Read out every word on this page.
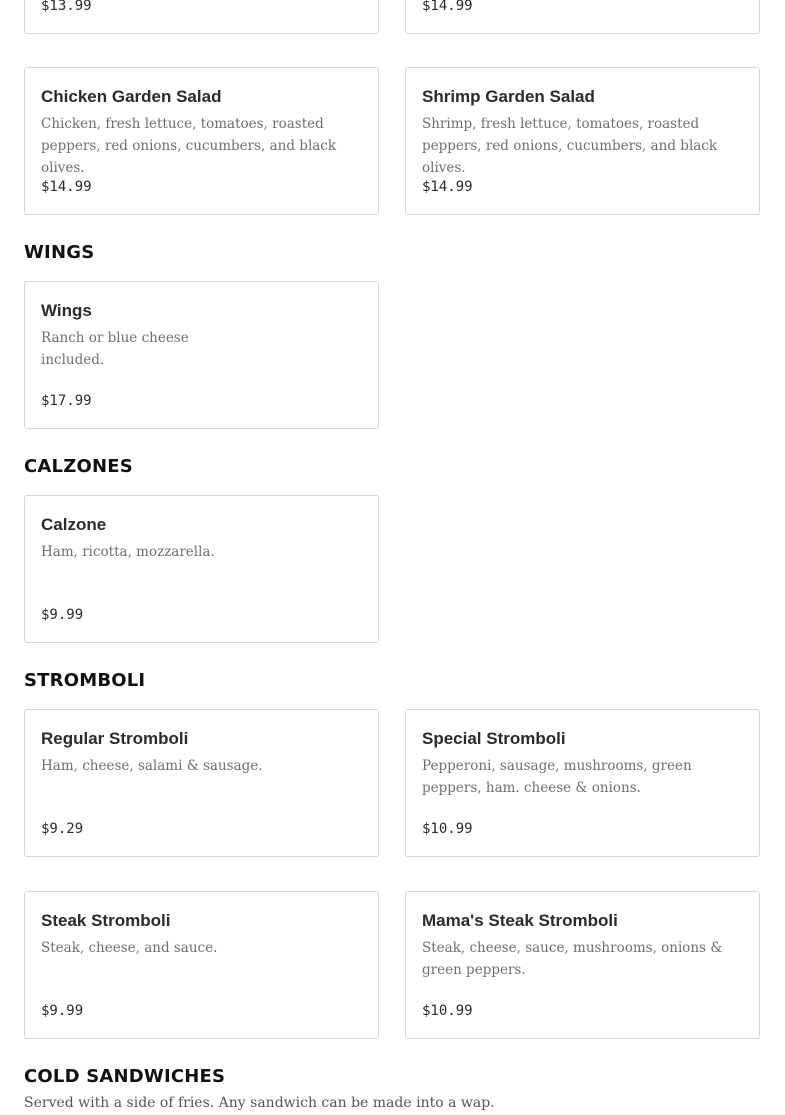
$13.99	$14.99
Chicken Garden Salad
Chicken, fresh lettuce, tomatoes, roasted peppers, red onions, cucumbers, and black olives.
$14.99
Shrimp Garden Salad
Shrimp, fresh lettuce, tomatoes, roasted peppers, red onions, cucumbers, and black olives.
$14.99
WINGS
Wings
Ranch or blue cheese included.
$17.99
CALZONES
Calzone
Ham, ricotta, mozzarella.
$9.99
STROMBOLI
Regular Stromboli
Ham, cheese, salami & sausage.
$9.29
Special Stromboli
Pepperoni, sausage, mushrooms, green peppers, ham. cheese & onions.
$10.99
Steak Stromboli
Steak, cheese, and sauce.
$9.99
Mama's Steak Stromboli
Steak, cheese, sauce, mushrooms, onions & green peppers.
$10.99
COLD SANDWICHES
Served with a side of fries. Any sandwich can be made into a wap.
